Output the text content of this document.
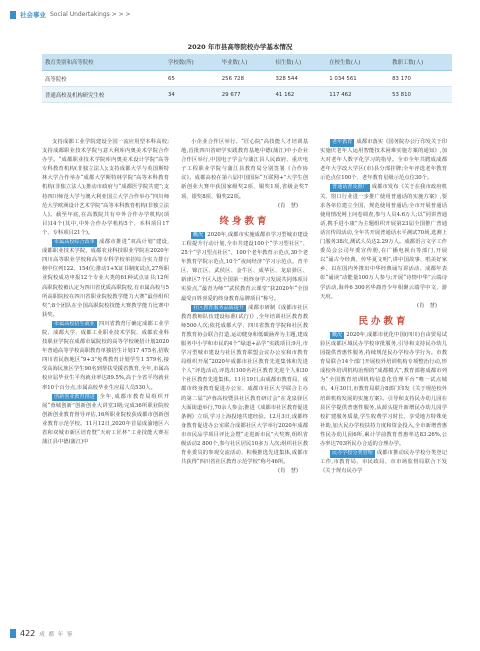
社会事业 Social Undertakings > > >
2020 年市县高等院校办学基本情况
教育类别和高等院校	学校数(所)	毕业数(人)	招生数(人)	在校生数(人)	教职工数(人)
高等院校	65	256 728	328 544	1 034 561	83 170
普通高校及机构研究生校	34	29 677	41 162	117 462	53 810

支持成都工业学院建设全国一流应用型本科高校;支持成都职业技术学院与意大利库内奥美术学院合作办学。“成都职业技术学院库内奥美术设计学院”高等专科教育机构(非独立法人);支持成都大学与英国斯特林大学合作举办“成都大学斯特林学院”高等本科教育机构(非独立法人);推动市政府与“成都医学院共建”;支持四川师范大学与澳大利亚国立大学合作举办“四川师范大学欧洲设计艺术学院”高等本科教育机构(非独立法人)。截至年底,在高教院共有中外合作办学机构(项目)14个(其中,中外合作办学机构5个、本科项目17个、专科项目21个)。

市属高校综合改革 成都市推进“双高计划”建设,成都职业技术学院、成都农业科技职业学院在2020年四川高等职业学校和高等专科学校单招综合实力排行榜中位列122、154位;推动1+X证书制度试点,27所职业院校成功申报12个专业大类的61种试点证书;12所高职院校被认定为四川省优质高职院校,有市属高校与5所高职院校在四川省职业院校教学能力大赛“最佳组织奖”;8个团队在全国高职院校技能大赛教学能力比赛中获奖。

市属高校招生就业 四川省教育厅确定成都工业学院、成都大学、成都工业职业技术学院、成都农业科技职业学院在成都市属院校的高等学校统招计划2020年普通高等学校高职教育单独招生计划17 475名,招收四川省民族地区“9+3”免费教育计划学生1 579名,接受高海民族区学生90名到帮扶受援省教育,全年,市属高校应届毕业生平均就业率达89.5%,高于全省平均就业率10个百分点,市属高校毕业生应届人员530人。

创新创业教育推进 全年,成都市教育局组织开展“蓉城创新”创新创业大讲堂3期;完成36所职业院校创新创业教育督导评估,16所职业院校获成都市创新创业教育示范学校。11月12日,2020年首届成渝地区六省和双城市新区培育暨“天府工匠杯”工业技能大赛在蒲江县中德(蒲江)中

小企业合作区举行。“匠心院”高技能人才培训基地,首批四川省研学实践教育基地中德(蒲江)中小企业合作区举行,中国电子学会与蒲江县人民政府、重庆电子工程职业学院与蒲江县教育局分别签署《合作协议》。成都高校在第六届中国国际“互联网+”大学生创新创业大赛中获国家级奖2项、铜奖1项,省级金奖7项、银奖8项、铜奖22项。

(肖　慧)

终身教育

概况 2020年,成都市实施成都市学习型城市建设工程提升行动计划,全市共建设100个“学习型社区”、25个“学习型点社区”、100个老年教育示范点,30个老年教育学院示范点,10个“夜间经济”学习示范点。青羊区、锦江区、武侯区、金牛区、成华区、龙泉驿区、新津区7个区入选全国第一批终身学习发展共同体项目实验点,“最青为师”“武侯教育云课堂”获2020年“全国最受百姓喜爱的终身教育品牌项目”称号。

社区教育服务品质提升 成都市研制《成都市社区教育教师队伍建设标准(试行)》,全年培训社区教育教师500人次;依托成都大学、四川省教育学院和社区教育教育协会联合打造,运动健身和低碳涵养为主题,建成服务中小学和市民的4个“绿道+品学”实践项目;9月,市学习型城市建设与社区教育联盟会议办公室和市教育局组织开展“2020年成都市社区教育先进集体和先进个人”评选活动,评选出100名社区教育先进个人和30个社区教育先进集体。11月19日,由成都市教育局、成都市终身教育促进办公室、成都市社区大学联合主办的第二届“泸蓉高校暨县社区教育研讨会”在龙泉驿区大面街道举行,70余人参会;推进《成都市社区教育促进条例》立项,学习上海投地共建经验。12月3日,成都终身教育促进办公室联合成都社区大学举行2020年成都市市民品学项目评比会暨“走进新市民”大奖赛,组织省级活动2 800个,参与社区居民10多万人次;组织社区教育业委员的参观交流活动、积极推选先进集体,成都市共获得“四川省社区教育示范学校”称号46所。

(肖　慧)

老年教育 成都市落实《国务院办公厅印发关于印实施庆老年人运用智能技术困难实施方案的通知》,加大对老年人数字化学习的指导。全市全年共聘成成都老年大学改大学区(市)县分部挂牌;全年评选老年教育示范点位100个、老年教育星级示范点位30个。

普通话普及推广 成都市发布《关于在我市政府机关、窗口行业进一步推广使用普通话的实施方案》,要求各单位建立全国、规范使用普通话;全市开展普通话使用情况网上问卷调查,参与人员4.6万人;以“同讲普通话,携手进小康”为主题组织开展第23届全国推广普通话宣传周活动,全年共开展普通话水平测试70场,选测上门服务38次,测试人员达2.29万人。成都语言文字工作委员会公司年委宣传册,在广播电视台等部门,开展以“诵古今经典、传华夏文明”,讲中国故事、唱美好家乡、以在国内外推出中华经典诵写讲活动、成都年表彰“诵读”动能量100万人参与;开展“诗情中华”云端诗学活动,海外6 300名华裔青少年相聚云端学中文、游天府。

(肖　慧)

民办教育

概况 2020年,成都市优化中国(四川)自由贸易试验区成都区域民办学校审批服务,引导和支持民办幼儿园提供普惠性服务,持续规范民办学校办学行为。市教育局联合14个部门开展校外培训机构专项整治行动,形成校外培训机构治理的“成都模式”,教育部将成都市列为“全国教育培训机构信息化管理平台”唯一试点城市。4月30日,市教育局联合8部门印发《关于规范校外培训机构发展的实施方案》。引导和支持民办幼儿园在县区学提供普惠性服务,从源头提升新增民办幼儿园学校扩建服务质量,学生收费学习时长、享受地方特殊免补助,加大民办学校扶持力度和资金投入,全市新增普惠性民办幼儿园6所,累计学前教育普惠率达83.26%,公办率达703所民办合适的合理办学。

民办学校分类管理 成都市推动民办学校分类登记工作,市教育局、市民政局、市市场监督局联合下发《关于规有民办学

422 成 都 年 鉴
